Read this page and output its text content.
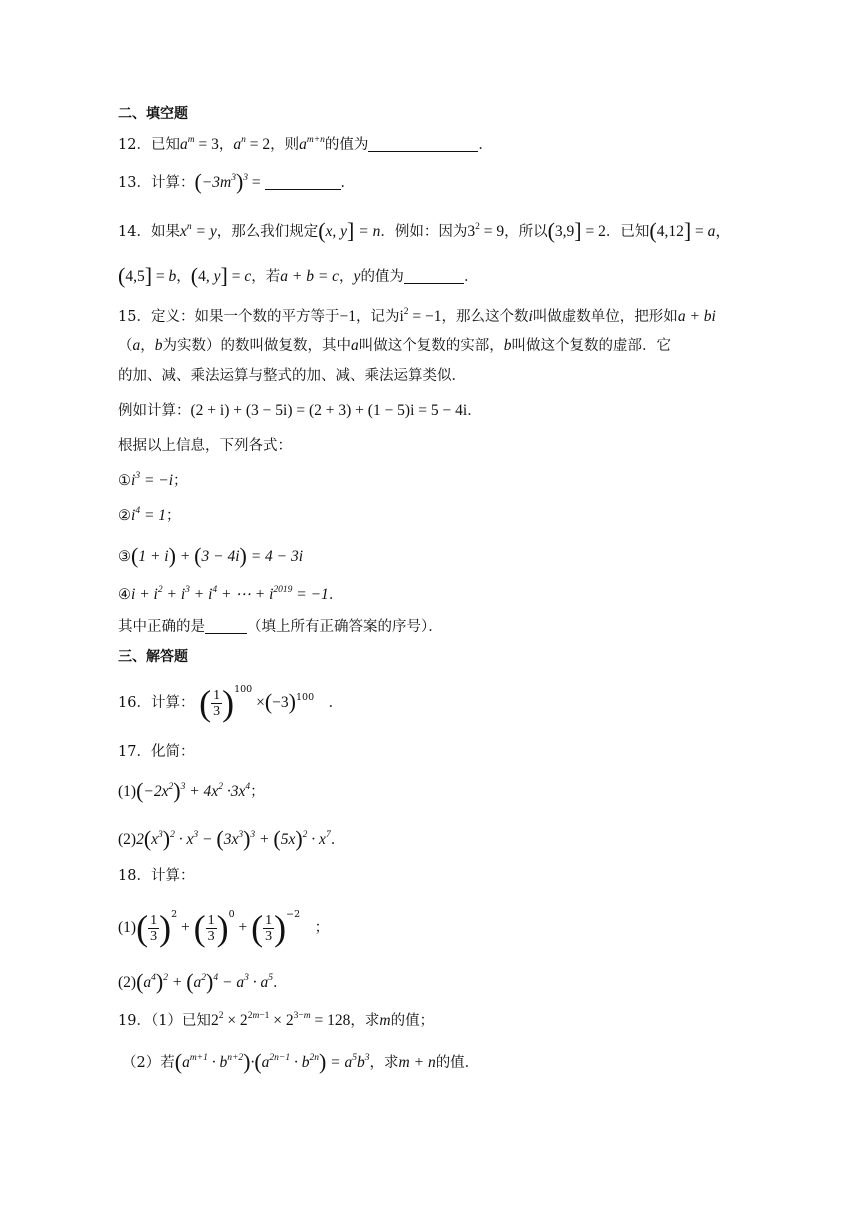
二、填空题
12．已知$a^m = 3$，$a^n = 2$，则$a^{m+n}$的值为	．
13．计算：$(-3m^3)^3$ =	．
14．如果$x^n = y$，那么我们规定(x, y] = n．例如：因为$3^2 = 9$，所以(3,9] = 2．已知(4,12] = a，
(4,5] = b，(4, y] = c，若a + b = c，y的值为	．
15．定义：如果一个数的平方等于−1，记为$i^2 = -1$，那么这个数i叫做虚数单位，把形如a + bi
（a，b为实数）的数叫做复数，其中a叫做这个复数的实部，b叫做这个复数的虚部．它
的加、减、乘法运算与整式的加、减、乘法运算类似．
例如计算：(2 + i) + (3 − 5i) = (2 + 3) + (1 − 5)i = 5 − 4i．
根据以上信息，下列各式：
$①i^3 = -i$；
$②i^4 = 1$；
③(1 + i) + (3 − 4i) = 4 − 3i
④i + $i^2 + i^3 + i^4$ + ⋯ + $i^{2019} = -1$．
其中正确的是	（填上所有正确答案的序号）．
三、解答题
16．计算： ( $\frac{1}{3} )^{100} \times(-3)^{100}$　．
17．化简：
$(1)(-2x^2)^3 + 4x^2 \cdot 3x^4$；
$(2)2(x^3)^2 \cdot x^3 - (3x^3)^3 + (5x)^2 \cdot x^7$．
18．计算：
$(1)( \frac{1}{3} )^2$ + ( $\frac{1}{3} )^0$ + ( $\frac{1}{3} )^{-2}$　；
$(2)(a^4)^2 + (a^2)^4 - a^3 \cdot a^5$．
19．（1）已知$2^2 \times 2^{2m-1} \times 2^{3-m} = 128$，求m的值；
（2）若$(a^{m+1} \cdot b^{n+2})\cdot(a^{2n-1} \cdot b^{2n}) = a^5b^3$，求m + n的值．
